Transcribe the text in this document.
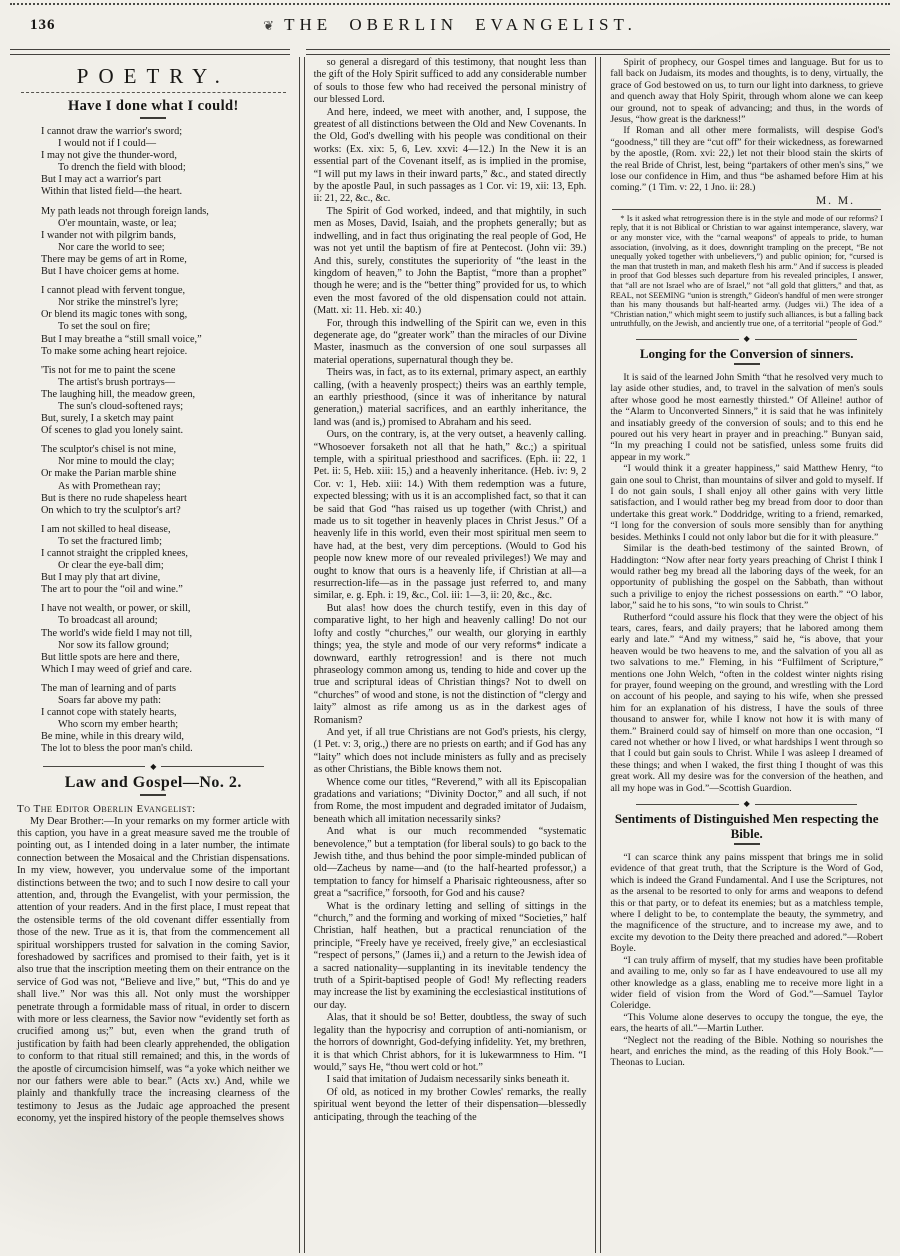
136	❦ THE OBERLIN EVANGELIST.
POETRY.
Have I done what I could!
I cannot draw the warrior's sword;
I would not if I could—
I may not give the thunder-word,
To drench the field with blood;
But I may act a warrior's part
Within that listed field—the heart.
My path leads not through foreign lands,
O'er mountain, waste, or lea;
I wander not with pilgrim bands,
Nor care the world to see;
There may be gems of art in Rome,
But I have choicer gems at home.
I cannot plead with fervent tongue,
Nor strike the minstrel's lyre;
Or blend its magic tones with song,
To set the soul on fire;
But I may breathe a “still small voice,”
To make some aching heart rejoice.
'Tis not for me to paint the scene
The artist's brush portrays—
The laughing hill, the meadow green,
The sun's cloud-softened rays;
But, surely, I a sketch may paint
Of scenes to glad you lonely saint.
The sculptor's chisel is not mine,
Nor mine to mould the clay;
Or make the Parian marble shine
As with Promethean ray;
But is there no rude shapeless heart
On which to try the sculptor's art?
I am not skilled to heal disease,
To set the fractured limb;
I cannot straight the crippled knees,
Or clear the eye-ball dim;
But I may ply that art divine,
The art to pour the “oil and wine.”
I have not wealth, or power, or skill,
To broadcast all around;
The world's wide field I may not till,
Nor sow its fallow ground;
But little spots are here and there,
Which I may weed of grief and care.
The man of learning and of parts
Soars far above my path:
I cannot cope with stately hearts,
Who scorn my ember hearth;
Be mine, while in this dreary wild,
The lot to bless the poor man's child.
◆
Law and Gospel—No. 2.
To The Editor Oberlin Evangelist:

My Dear Brother:—In your remarks on my former article with this caption, you have in a great measure saved me the trouble of pointing out, as I intended doing in a later number, the intimate connection between the Mosaical and the Christian dispensations. In my view, however, you undervalue some of the important distinctions between the two; and to such I now desire to call your attention, and, through the Evangelist, with your permission, the attention of your readers. And in the first place, I must repeat that the ostensible terms of the old covenant differ essentially from those of the new. True as it is, that from the commencement all spiritual worshippers trusted for salvation in the coming Savior, foreshadowed by sacrifices and promised to their faith, yet is it also true that the inscription meeting them on their entrance on the service of God was not, “Believe and live,” but, “This do and ye shall live.” Nor was this all. Not only must the worshipper penetrate through a formidable mass of ritual, in order to discern with more or less clearness, the Savior now “evidently set forth as crucified among us;” but, even when the grand truth of justification by faith had been clearly apprehended, the obligation to conform to that ritual still remained; and this, in the words of the apostle of circumcision himself, was “a yoke which neither we nor our fathers were able to bear.” (Acts xv.) And, while we plainly and thankfully trace the increasing clearness of the testimony to Jesus as the Judaic age approached the present economy, yet the inspired history of the people themselves shows

so general a disregard of this testimony, that nought less than the gift of the Holy Spirit sufficed to add any considerable number of souls to those few who had received the personal ministry of our blessed Lord.

And here, indeed, we meet with another, and, I suppose, the greatest of all distinctions between the Old and New Covenants. In the Old, God's dwelling with his people was conditional on their works: (Ex. xix: 5, 6, Lev. xxvi: 4—12.) In the New it is an essential part of the Covenant itself, as is implied in the promise, “I will put my laws in their inward parts,” &c., and stated directly by the apostle Paul, in such passages as 1 Cor. vi: 19, xii: 13, Eph. ii: 21, 22, &c., &c.

The Spirit of God worked, indeed, and that mightily, in such men as Moses, David, Isaiah, and the prophets generally; but as indwelling, and in fact thus originating the real people of God, He was not yet until the baptism of fire at Pentecost. (John vii: 39.) And this, surely, constitutes the superiority of “the least in the kingdom of heaven,” to John the Baptist, “more than a prophet” though he were; and is the “better thing” provided for us, to which even the most favored of the old dispensation could not attain. (Matt. xi: 11. Heb. xi: 40.)

For, through this indwelling of the Spirit can we, even in this degenerate age, do “greater work” than the miracles of our Divine Master, inasmuch as the conversion of one soul surpasses all material operations, supernatural though they be.

Theirs was, in fact, as to its external, primary aspect, an earthly calling, (with a heavenly prospect;) theirs was an earthly temple, an earthly priesthood, (since it was of inheritance by natural generation,) material sacrifices, and an earthly inheritance, the land was (and is,) promised to Abraham and his seed.

Ours, on the contrary, is, at the very outset, a heavenly calling. “Whosoever forsaketh not all that he hath,” &c.;) a spiritual temple, with a spiritual priesthood and sacrifices. (Eph. ii: 22, 1 Pet. ii: 5, Heb. xiii: 15,) and a heavenly inheritance. (Heb. iv: 9, 2 Cor. v: 1, Heb. xiii: 14.) With them redemption was a future, expected blessing; with us it is an accomplished fact, so that it can be said that God “has raised us up together (with Christ,) and made us to sit together in heavenly places in Christ Jesus.” Of a heavenly life in this world, even their most spiritual men seem to have had, at the best, very dim perceptions. (Would to God his people now knew more of our revealed privileges!) We may and ought to know that ours is a heavenly life, if Christian at all—a resurrection-life—as in the passage just referred to, and many similar, e. g. Eph. i: 19, &c., Col. iii: 1—3, ii: 20, &c., &c.

But alas! how does the church testify, even in this day of comparative light, to her high and heavenly calling! Do not our lofty and costly “churches,” our wealth, our glorying in earthly things; yea, the style and mode of our very reforms* indicate a downward, earthly retrogression! and is there not much phraseology common among us, tending to hide and cover up the true and scriptural ideas of Christian things? Not to dwell on “churches” of wood and stone, is not the distinction of “clergy and laity” almost as rife among us as in the darkest ages of Romanism?

And yet, if all true Christians are not God's priests, his clergy, (1 Pet. v: 3, orig.,) there are no priests on earth; and if God has any “laity” which does not include ministers as fully and as precisely as other Christians, the Bible knows them not.

Whence come our titles, “Reverend,” with all its Episcopalian gradations and variations; “Divinity Doctor,” and all such, if not from Rome, the most impudent and degraded imitator of Judaism, beneath which all imitation necessarily sinks?

And what is our much recommended “systematic benevolence,” but a temptation (for liberal souls) to go back to the Jewish tithe, and thus behind the poor simple-minded publican of old—Zacheus by name—and (to the half-hearted professor,) a temptation to fancy for himself a Pharisaic righteousness, after so great a “sacrifice,” forsooth, for God and his cause?

What is the ordinary letting and selling of sittings in the “church,” and the forming and working of mixed “Societies,” half Christian, half heathen, but a practical renunciation of the principle, “Freely have ye received, freely give,” an ecclesiastical “respect of persons,” (James ii,) and a return to the Jewish idea of a sacred nationality—supplanting in its inevitable tendency the truth of a Spirit-baptised people of God! My reflecting readers may increase the list by examining the ecclesiastical institutions of our day.

Alas, that it should be so! Better, doubtless, the sway of such legality than the hypocrisy and corruption of anti-nomianism, or the horrors of downright, God-defying infidelity. Yet, my brethren, it is that which Christ abhors, for it is lukewarmness to Him. “I would,” says He, “thou wert cold or hot.”

I said that imitation of Judaism necessarily sinks beneath it.

Of old, as noticed in my brother Cowles' remarks, the really spiritual went beyond the letter of their dispensation—blessedly anticipating, through the teaching of the

Spirit of prophecy, our Gospel times and language. But for us to fall back on Judaism, its modes and thoughts, is to deny, virtually, the grace of God bestowed on us, to turn our light into darkness, to grieve and quench away that Holy Spirit, through whom alone we can keep our ground, not to speak of advancing; and thus, in the words of Jesus, “how great is the darkness!”

If Roman and all other mere formalists, will despise God's “goodness,” till they are “cut off” for their wickedness, as forewarned by the apostle, (Rom. xvi: 22,) let not their blood stain the skirts of the real Bride of Christ, lest, being “partakers of other men's sins,” we lose our confidence in Him, and thus “be ashamed before Him at his coming.” (1 Tim. v: 22, 1 Jno. ii: 28.)

M. M.

* Is it asked what retrogression there is in the style and mode of our reforms? I reply, that it is not Biblical or Christian to war against intemperance, slavery, war or any monster vice, with the “carnal weapons” of appeals to pride, to human association, (involving, as it does, downright trampling on the precept, “Be not unequally yoked together with unbelievers,”) and public opinion; for, “cursed is the man that trusteth in man, and maketh flesh his arm.” And if success is pleaded in proof that God blesses such departure from his revealed principles, I answer, that “all are not Israel who are of Israel,” not “all gold that glitters,” and that, as REAL, not SEEMING “union is strength,” Gideon's handful of men were stronger than his many thousands but half-hearted army. (Judges vii.) The idea of a “Christian nation,” which might seem to justify such alliances, is but a falling back untruthfully, on the Jewish, and anciently true one, of a territorial “people of God.”

◆
Longing for the Conversion of sinners.

It is said of the learned John Smith “that he resolved very much to lay aside other studies, and, to travel in the salvation of men's souls after whose good he most earnestly thirsted.” Of Alleine! author of the “Alarm to Unconverted Sinners,” it is said that he was infinitely and insatiably greedy of the conversion of souls; and to this end he poured out his very heart in prayer and in preaching.” Bunyan said, “In my preaching I could not be satisfied, unless some fruits did appear in my work.”

“I would think it a greater happiness,” said Matthew Henry, “to gain one soul to Christ, than mountains of silver and gold to myself. If I do not gain souls, I shall enjoy all other gains with very little satisfaction, and I would rather beg my bread from door to door than undertake this great work.” Doddridge, writing to a friend, remarked, “I long for the conversion of souls more sensibly than for anything besides. Methinks I could not only labor but die for it with pleasure.”

Similar is the death-bed testimony of the sainted Brown, of Haddington: “Now after near forty years preaching of Christ I think I would rather beg my bread all the laboring days of the week, for an opportunity of publishing the gospel on the Sabbath, than without such a privilige to enjoy the richest possessions on earth.” “O labor, labor,” said he to his sons, “to win souls to Christ.”

Rutherford “could assure his flock that they were the object of his tears, cares, fears, and daily prayers; that he labored among them early and late.” “And my witness,” said he, “is above, that your heaven would be two heavens to me, and the salvation of you all as two salvations to me.” Fleming, in his “Fulfilment of Scripture,” mentions one John Welch, “often in the coldest winter nights rising for prayer, found weeping on the ground, and wrestling with the Lord on account of his people, and saying to his wife, when she pressed him for an explanation of his distress, I have the souls of three thousand to answer for, while I know not how it is with many of them.” Brainerd could say of himself on more than one occasion, “I cared not whether or how I lived, or what hardships I went through so that I could but gain souls to Christ. While I was asleep I dreamed of these things; and when I waked, the first thing I thought of was this great work. All my desire was for the conversion of the heathen, and all my hope was in God.”—Scottish Guardion.

◆
Sentiments of Distinguished Men respecting the Bible.

“I can scarce think any pains misspent that brings me in solid evidence of that great truth, that the Scripture is the Word of God, which is indeed the Grand Fundamental. And I use the Scriptures, not as the arsenal to be resorted to only for arms and weapons to defend this or that party, or to defeat its enemies; but as a matchless temple, where I delight to be, to contemplate the beauty, the symmetry, and the magnificence of the structure, and to increase my awe, and to excite my devotion to the Deity there preached and adored.”—Robert Boyle.

“I can truly affirm of myself, that my studies have been profitable and availing to me, only so far as I have endeavoured to use all my other knowledge as a glass, enabling me to receive more light in a wider field of vision from the Word of God.”—Samuel Taylor Coleridge.

“This Volume alone deserves to occupy the tongue, the eye, the ears, the hearts of all.”—Martin Luther.

“Neglect not the reading of the Bible. Nothing so nourishes the heart, and enriches the mind, as the reading of this Holy Book.”—Theonas to Lucian.
